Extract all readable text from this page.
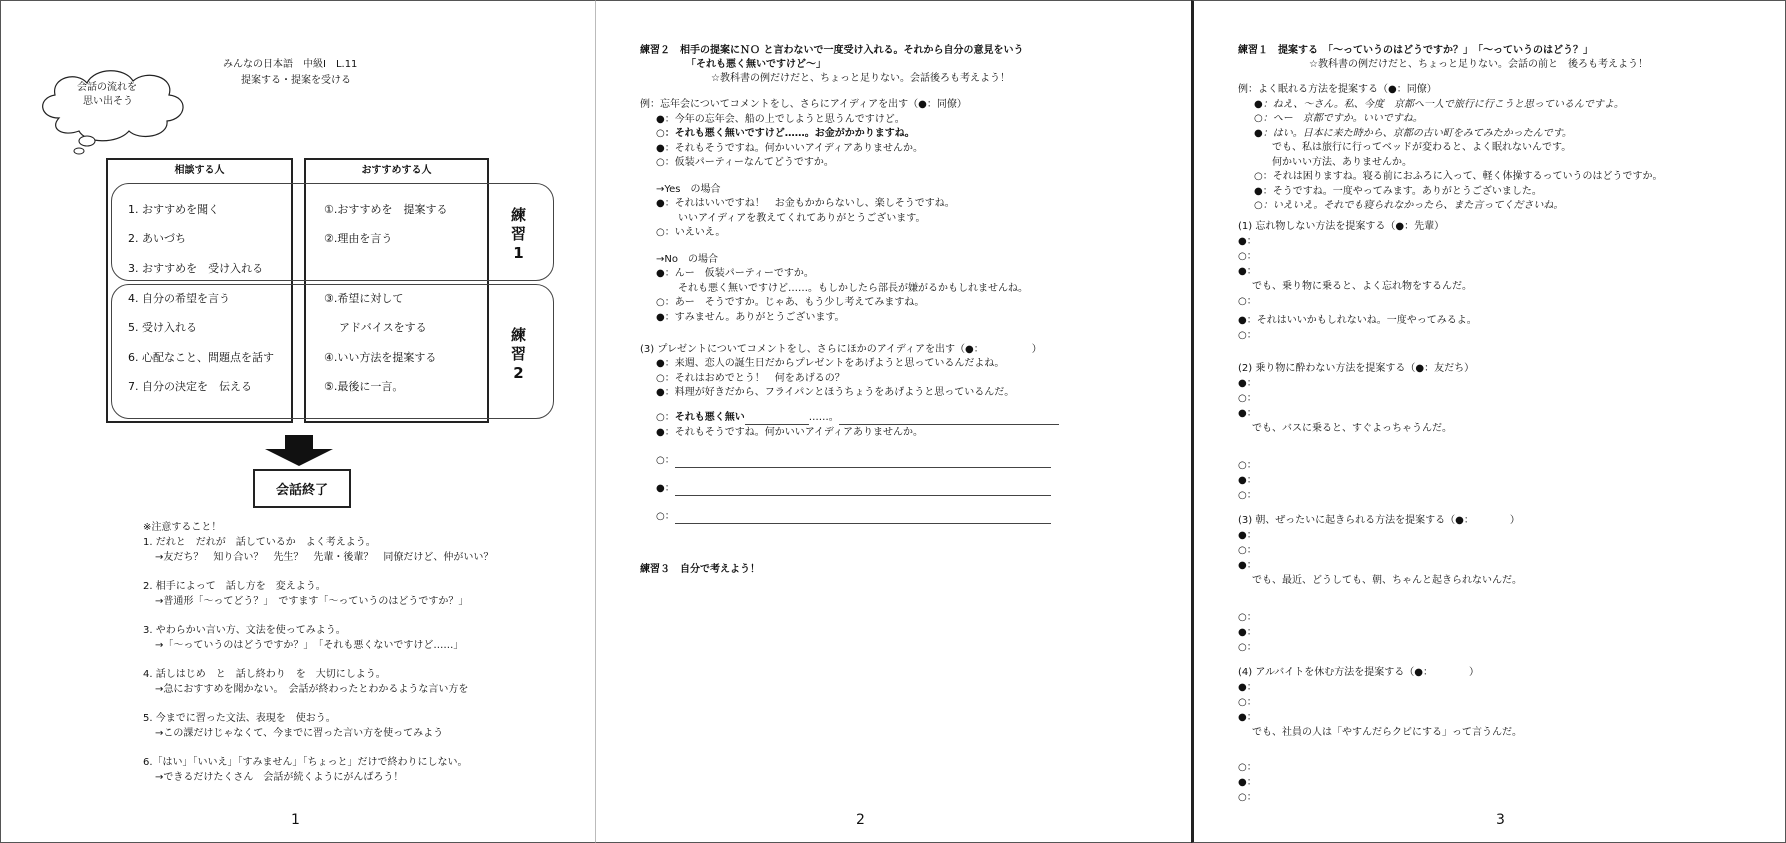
みんなの日本語　中級Ⅰ　L.11
提案する・提案を受ける
会話の流れを
思い出そう
相談する人	おすすめする人
1. おすすめを聞く
2. あいづち
3. おすすめを　受け入れる
4. 自分の希望を言う
5. 受け入れる
6. 心配なこと、問題点を話す
7. 自分の決定を　伝える
①.おすすめを　提案する
②.理由を言う
③.希望に対して
アドバイスをする
④.いい方法を提案する
⑤.最後に一言。
練
習
1
練
習
2
会話終了
※注意すること！
1. だれと　だれが　話しているか　よく考えよう。
→友だち？　知り合い？　先生？　先輩・後輩？　同僚だけど、仲がいい？
2. 相手によって　話し方を　変えよう。
→普通形「〜ってどう？」　ですます「〜っていうのはどうですか？」
3. やわらかい言い方、文法を使ってみよう。
→「〜っていうのはどうですか？」　「それも悪くないですけど……」
4. 話しはじめ　と　話し終わり　を　大切にしよう。
→急におすすめを聞かない。　会話が終わったとわかるような言い方を
5. 今までに習った文法、表現を　使おう。
→この課だけじゃなくて、今までに習った言い方を使ってみよう
6.「はい」「いいえ」「すみません」「ちょっと」だけで終わりにしない。
→できるだけたくさん　会話が続くようにがんばろう！
1
練習２　相手の提案にＮＯ と言わないで一度受け入れる。それから自分の意見をいう
「それも悪く無いですけど〜」
☆教科書の例だけだと、ちょっと足りない。会話後ろも考えよう！
例：忘年会についてコメントをし、さらにアイディアを出す（●：同僚）
●：今年の忘年会、船の上でしようと思うんですけど。
○：それも悪く無いですけど……。お金がかかりますね。
●：それもそうですね。何かいいアイディアありませんか。
○：仮装パーティーなんてどうですか。
→Yes　の場合
●：それはいいですね！　お金もかからないし、楽しそうですね。
いいアイディアを教えてくれてありがとうございます。
○：いえいえ。
→No　の場合
●：んー　仮装パーティーですか。
それも悪く無いですけど……。もしかしたら部長が嫌がるかもしれませんね。
○：あー　そうですか。じゃあ、もう少し考えてみますね。
●：すみません。ありがとうございます。
(3) プレゼントについてコメントをし、さらにほかのアイディアを出す（●：	）
●：来週、恋人の誕生日だからプレゼントをあげようと思っているんだよね。
○：それはおめでとう！　何をあげるの？
●：料理が好きだから、フライパンとほうちょうをあげようと思っているんだ。
○：それも悪く無い	……。
●：それもそうですね。何かいいアイディアありませんか。
○：
●：
○：
練習３　自分で考えよう！
2
練習１　提案する　「〜っていうのはどうですか？」　「〜っていうのはどう？」
☆教科書の例だけだと、ちょっと足りない。会話の前と　後ろも考えよう！
例：よく眠れる方法を提案する（●：同僚）
●：ねえ、〜さん。私、今度　京都へ一人で旅行に行こうと思っているんですよ。
○：へー　京都ですか。いいですね。
●：はい。日本に来た時から、京都の古い町をみてみたかったんです。
でも、私は旅行に行ってベッドが変わると、よく眠れないんです。
何かいい方法、ありませんか。
○：それは困りますね。寝る前におふろに入って、軽く体操するっていうのはどうですか。
●：そうですね。一度やってみます。ありがとうございました。
○：いえいえ。それでも寝られなかったら、また言ってくださいね。
(1) 忘れ物しない方法を提案する（●：先輩）
●：
○：
●：
でも、乗り物に乗ると、よく忘れ物をするんだ。
○：
●：それはいいかもしれないね。一度やってみるよ。
○：
(2) 乗り物に酔わない方法を提案する（●：友だち）
●：
○：
●：
でも、バスに乗ると、すぐよっちゃうんだ。
○：
●：
○：
(3) 朝、ぜったいに起きられる方法を提案する（●：	）
●：
○：
●：
でも、最近、どうしても、朝、ちゃんと起きられないんだ。
○：
●：
○：
(4) アルバイトを休む方法を提案する（●：	）
●：
○：
●：
でも、社員の人は「やすんだらクビにする」って言うんだ。
○：
●：
○：
3
